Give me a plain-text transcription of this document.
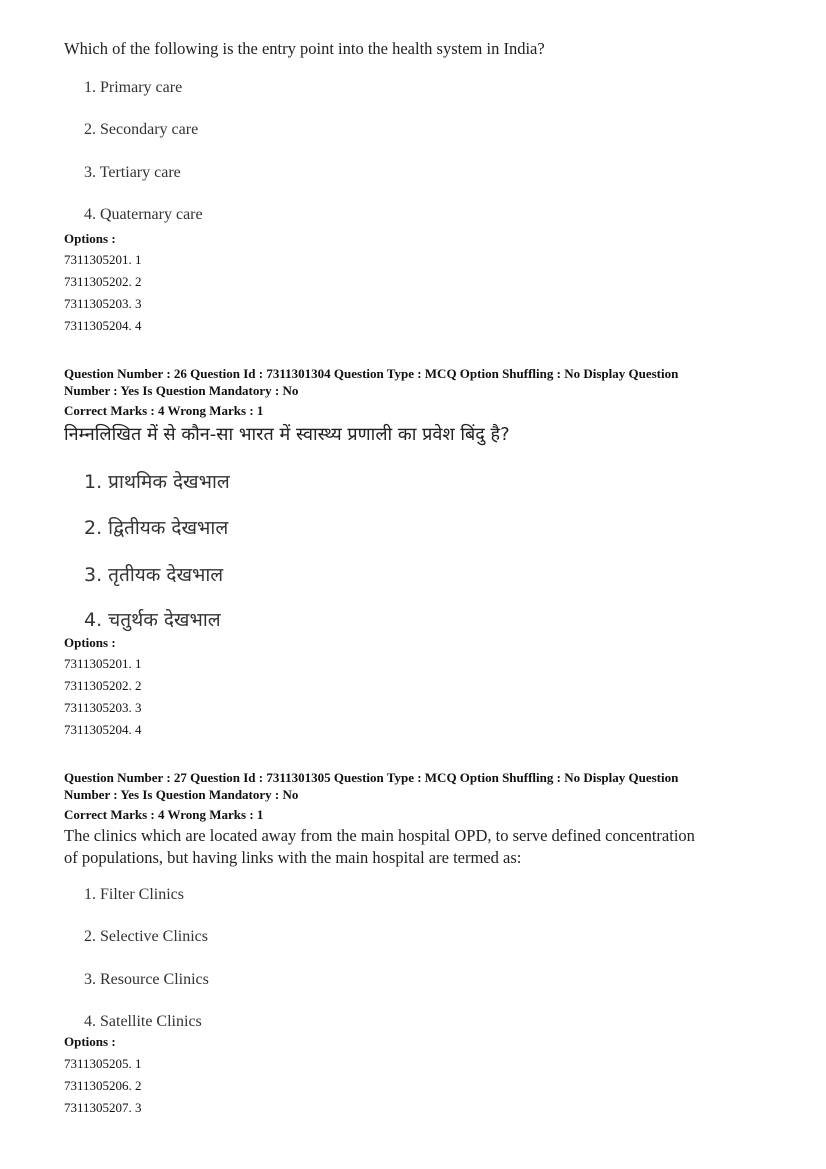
Which of the following is the entry point into the health system in India?
1. Primary care
2. Secondary care
3. Tertiary care
4. Quaternary care
Options :
7311305201. 1
7311305202. 2
7311305203. 3
7311305204. 4
Question Number : 26 Question Id : 7311301304 Question Type : MCQ Option Shuffling : No Display Question
Number : Yes Is Question Mandatory : No
Correct Marks : 4 Wrong Marks : 1
निम्नलिखित में से कौन-सा भारत में स्वास्थ्य प्रणाली का प्रवेश बिंदु है?
1. प्राथमिक देखभाल
2. द्वितीयक देखभाल
3. तृतीयक देखभाल
4. चतुर्थक देखभाल
Options :
7311305201. 1
7311305202. 2
7311305203. 3
7311305204. 4
Question Number : 27 Question Id : 7311301305 Question Type : MCQ Option Shuffling : No Display Question
Number : Yes Is Question Mandatory : No
Correct Marks : 4 Wrong Marks : 1
The clinics which are located away from the main hospital OPD, to serve defined concentration
of populations, but having links with the main hospital are termed as:
1. Filter Clinics
2. Selective Clinics
3. Resource Clinics
4. Satellite Clinics
Options :
7311305205. 1
7311305206. 2
7311305207. 3
